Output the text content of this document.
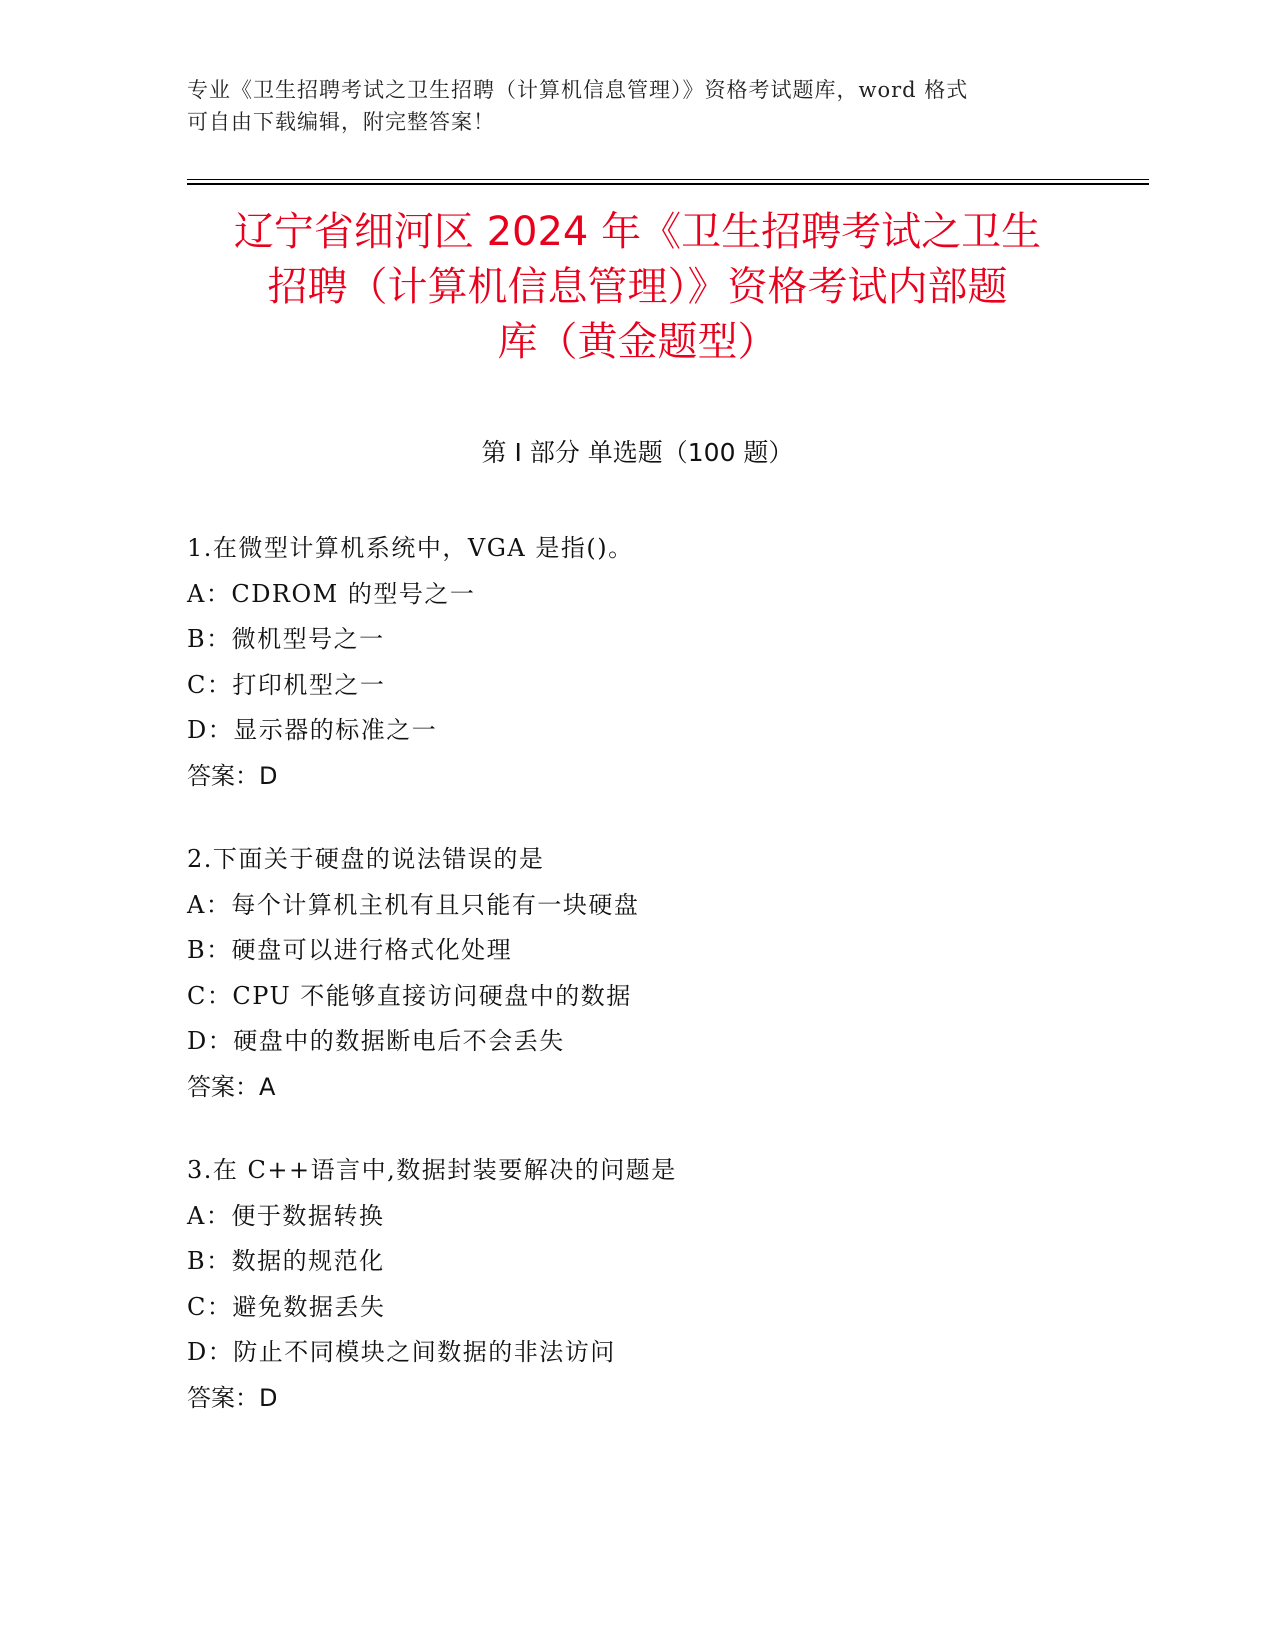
专业《卫生招聘考试之卫生招聘（计算机信息管理）》资格考试题库，word 格式
可自由下载编辑，附完整答案！
辽宁省细河区 2024 年《卫生招聘考试之卫生
招聘（计算机信息管理）》资格考试内部题
库（黄金题型）
第 I 部分 单选题（100 题）
1.在微型计算机系统中，VGA 是指()。
A：CDROM 的型号之一
B：微机型号之一
C：打印机型之一
D：显示器的标准之一
答案：D
2.下面关于硬盘的说法错误的是
A：每个计算机主机有且只能有一块硬盘
B：硬盘可以进行格式化处理
C：CPU 不能够直接访问硬盘中的数据
D：硬盘中的数据断电后不会丢失
答案：A
3.在 C++语言中,数据封装要解决的问题是
A：便于数据转换
B：数据的规范化
C：避免数据丢失
D：防止不同模块之间数据的非法访问
答案：D
